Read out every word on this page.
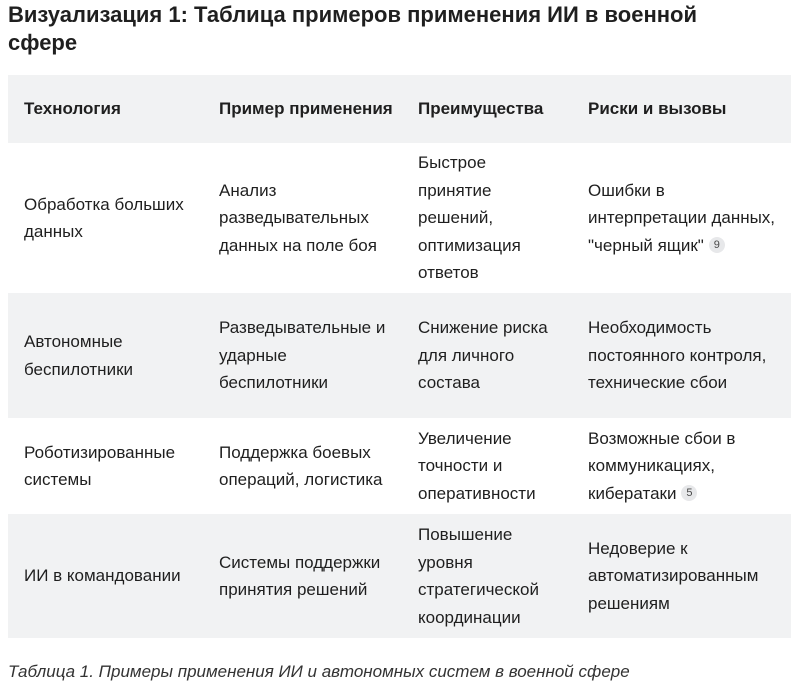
Визуализация 1: Таблица примеров применения ИИ в военной сфере
Технология	Пример применения	Преимущества	Риски и вызовы
Обработка больших данных	Анализ разведывательных данных на поле боя	Быстрое принятие решений, оптимизация ответов	Ошибки в интерпретации данных, "черный ящик" 9
Автономные беспилотники	Разведывательные и ударные беспилотники	Снижение риска для личного состава	Необходимость постоянного контроля, технические сбои
Роботизированные системы	Поддержка боевых операций, логистика	Увеличение точности и оперативности	Возможные сбои в коммуникациях, кибератаки 5
ИИ в командовании	Системы поддержки принятия решений	Повышение уровня стратегической координации	Недоверие к автоматизированным решениям

Таблица 1. Примеры применения ИИ и автономных систем в военной сфере
